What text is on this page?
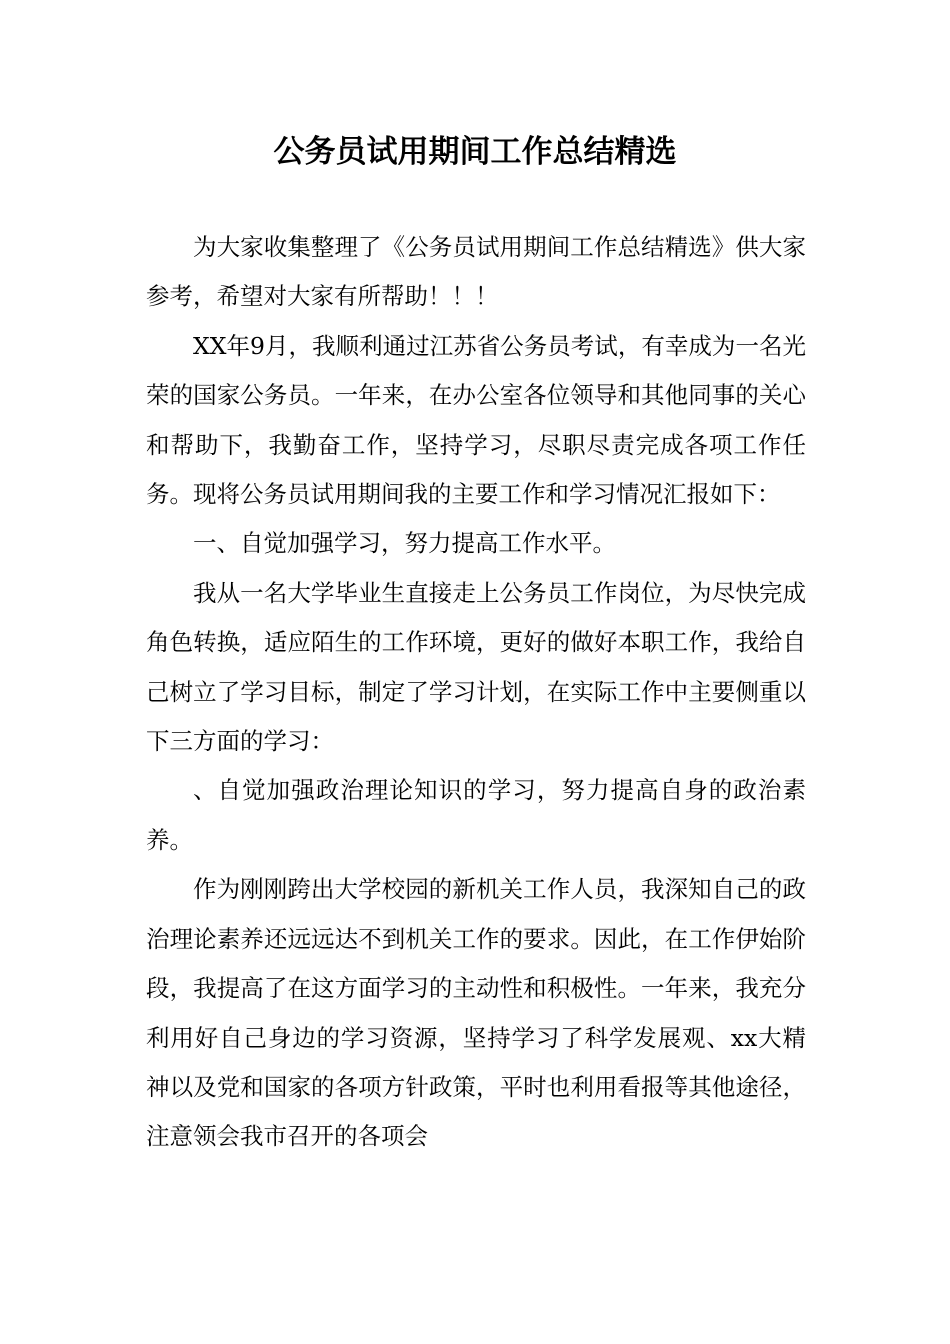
公务员试用期间工作总结精选

为大家收集整理了《公务员试用期间工作总结精选》供大家参考，希望对大家有所帮助！！！

XX年9月，我顺利通过江苏省公务员考试，有幸成为一名光荣的国家公务员。一年来，在办公室各位领导和其他同事的关心和帮助下，我勤奋工作，坚持学习，尽职尽责完成各项工作任务。现将公务员试用期间我的主要工作和学习情况汇报如下：

一、自觉加强学习，努力提高工作水平。

我从一名大学毕业生直接走上公务员工作岗位，为尽快完成角色转换，适应陌生的工作环境，更好的做好本职工作，我给自己树立了学习目标，制定了学习计划，在实际工作中主要侧重以下三方面的学习：

、自觉加强政治理论知识的学习，努力提高自身的政治素养。

作为刚刚跨出大学校园的新机关工作人员，我深知自己的政治理论素养还远远达不到机关工作的要求。因此，在工作伊始阶段，我提高了在这方面学习的主动性和积极性。一年来，我充分利用好自己身边的学习资源，坚持学习了科学发展观、xx大精神以及党和国家的各项方针政策，平时也利用看报等其他途径，注意领会我市召开的各项会
